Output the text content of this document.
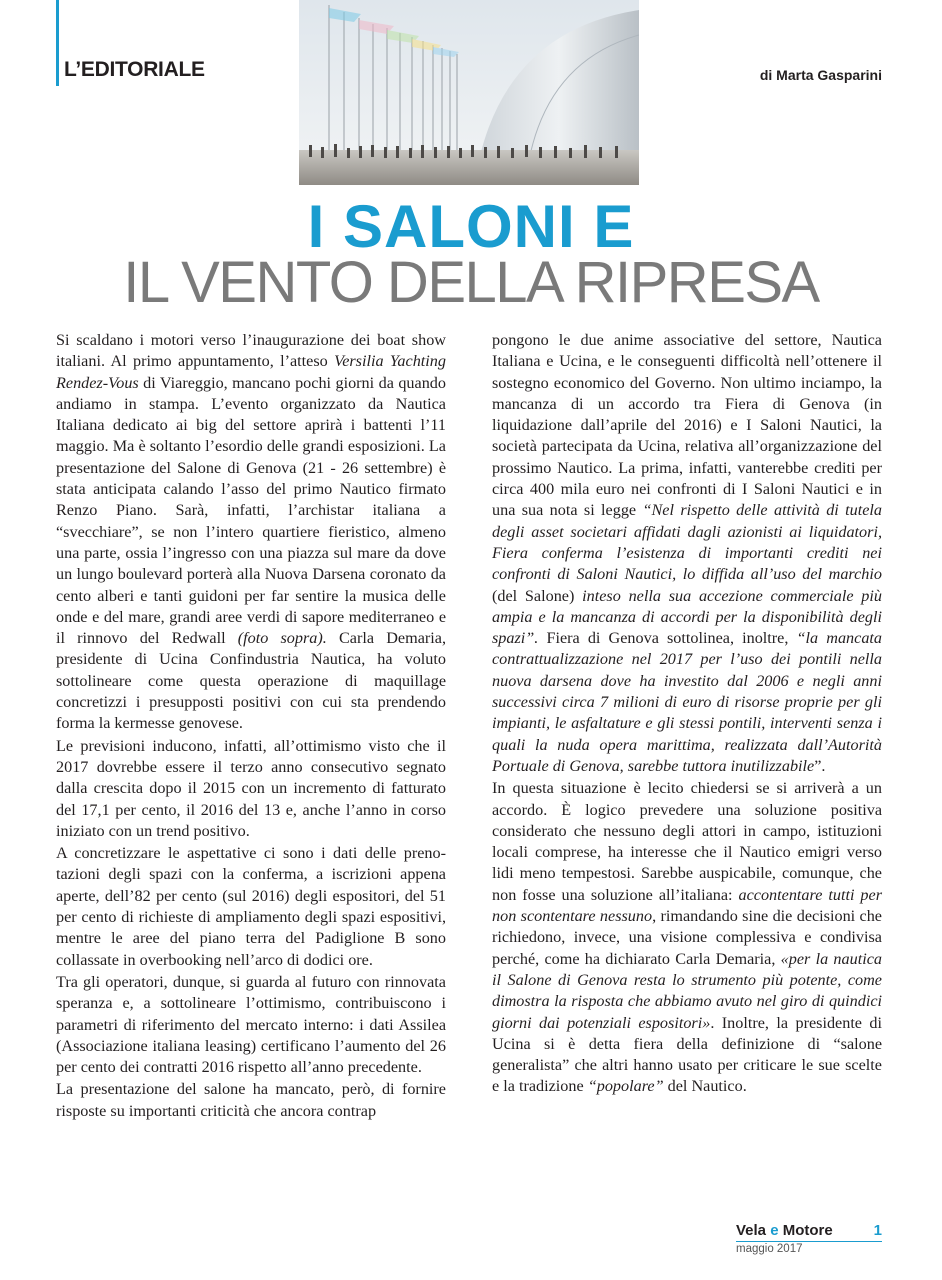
L’EDITORIALE	di Marta Gasparini
I SALONI E
IL VENTO DELLA RIPRESA

Si scaldano i motori verso l’inaugurazione dei boat show italiani. Al primo appuntamento, l’atteso Versilia Yachting Rendez-Vous di Viareggio, mancano pochi giorni da quando andiamo in stampa. L’evento organizzato da Nautica Italiana dedicato ai big del settore aprirà i battenti l’11 maggio. Ma è soltanto l’esordio delle grandi esposizioni. La presentazione del Salone di Genova (21 - 26 settembre) è stata anticipata calando l’asso del primo Nautico firmato Renzo Piano. Sarà, infatti, l’archistar italiana a “svecchiare”, se non l’intero quartiere fieristico, almeno una parte, ossia l’ingresso con una piazza sul mare da dove un lungo boulevard porterà alla Nuova Darsena coronato da cento alberi e tanti guidoni per far sentire la musica delle onde e del mare, grandi aree verdi di sapore mediterraneo e il rinnovo del Redwall (foto sopra). Carla Demaria, presidente di Ucina Confindustria Nautica, ha voluto sottolineare come questa operazione di maquillage concretizzi i presupposti positivi con cui sta prendendo forma la kermesse genovese.

Le previsioni inducono, infatti, all’ottimismo visto che il 2017 dovrebbe essere il terzo anno consecutivo segnato dalla crescita dopo il 2015 con un incremento di fatturato del 17,1 per cento, il 2016 del 13 e, anche l’anno in corso iniziato con un trend positivo.

A concretizzare le aspettative ci sono i dati delle prenotazioni degli spazi con la conferma, a iscrizioni appena aperte, dell’82 per cento (sul 2016) degli espositori, del 51 per cento di richieste di ampliamento degli spazi espositivi, mentre le aree del piano terra del Padiglione B sono collassate in overbooking nell’arco di dodici ore.

Tra gli operatori, dunque, si guarda al futuro con rinnovata speranza e, a sottolineare l’ottimismo, contribuiscono i parametri di riferimento del mercato interno: i dati Assilea (Associazione italiana leasing) certificano l’aumento del 26 per cento dei contratti 2016 rispetto all’anno precedente.

La presentazione del salone ha mancato, però, di fornire risposte su importanti criticità che ancora contrap

pongono le due anime associative del settore, Nautica Italiana e Ucina, e le conseguenti difficoltà nell’ottenere il sostegno economico del Governo. Non ultimo inciampo, la mancanza di un accordo tra Fiera di Genova (in liquidazione dall’aprile del 2016) e I Saloni Nautici, la società partecipata da Ucina, relativa all’organizzazione del prossimo Nautico. La prima, infatti, vanterebbe crediti per circa 400 mila euro nei confronti di I Saloni Nautici e in una sua nota si legge “Nel rispetto delle attività di tutela degli asset societari affidati dagli azionisti ai liquidatori, Fiera conferma l’esistenza di importanti crediti nei confronti di Saloni Nautici, lo diffida all’uso del marchio (del Salone) inteso nella sua accezione commerciale più ampia e la mancanza di accordi per la disponibilità degli spazi”. Fiera di Genova sottolinea, inoltre, “la mancata contrattualizzazione nel 2017 per l’uso dei pontili nella nuova darsena dove ha investito dal 2006 e negli anni successivi circa 7 milioni di euro di risorse proprie per gli impianti, le asfaltature e gli stessi pontili, interventi senza i quali la nuda opera marittima, realizzata dall’Autorità Portuale di Genova, sarebbe tuttora inutilizzabile”.

In questa situazione è lecito chiedersi se si arriverà a un accordo. È logico prevedere una soluzione positiva considerato che nessuno degli attori in campo, istituzioni locali comprese, ha interesse che il Nautico emigri verso lidi meno tempestosi. Sarebbe auspicabile, comunque, che non fosse una soluzione all’italiana: accontentare tutti per non scontentare nessuno, rimandando sine die decisioni che richiedono, invece, una visione complessiva e condivisa perché, come ha dichiarato Carla Demaria, «per la nautica il Salone di Genova resta lo strumento più potente, come dimostra la risposta che abbiamo avuto nel giro di quindici giorni dai potenziali espositori». Inoltre, la presidente di Ucina si è detta fiera della definizione di “salone generalista” che altri hanno usato per criticare le sue scelte e la tradizione “popolare” del Nautico.

Vela e Motore	1
maggio 2017
